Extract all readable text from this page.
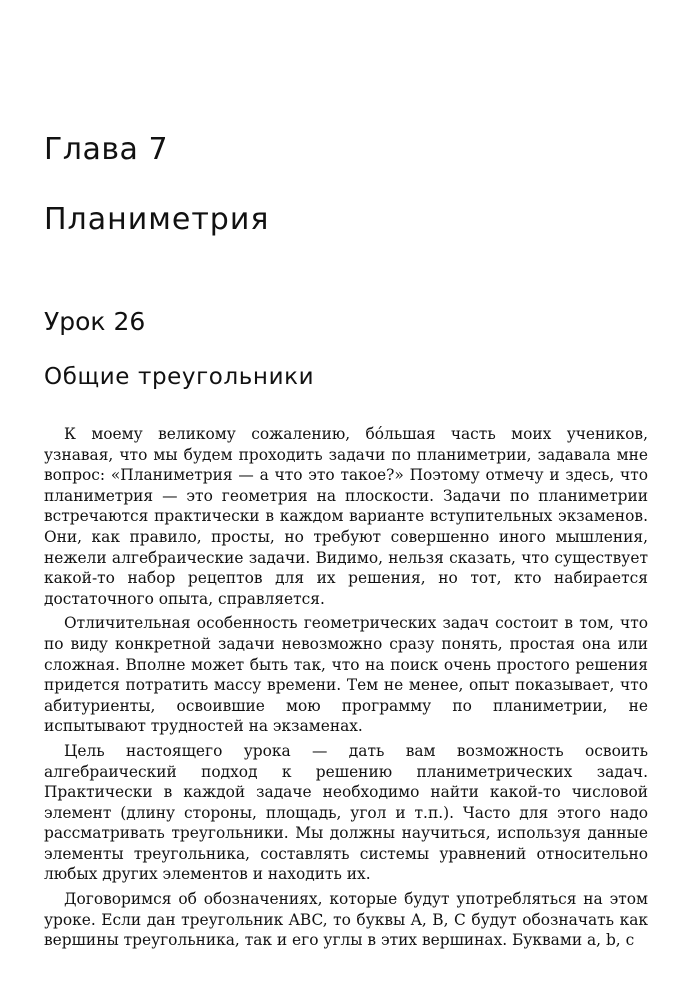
Глава 7
Планиметрия
Урок 26
Общие треугольники

К моему великому сожалению, бóльшая часть моих учеников, узнавая, что мы будем проходить задачи по планиметрии, задавала мне вопрос: «Планиметрия — а что это такое?» Поэтому отмечу и здесь, что планиметрия — это геометрия на плоскости. Задачи по планиметрии встречаются практически в каждом варианте вступительных экзаменов. Они, как правило, просты, но требуют совершенно иного мышления, нежели алгебраические задачи. Видимо, нельзя сказать, что существует какой-то набор рецептов для их решения, но тот, кто набирается достаточного опыта, справляется.

Отличительная особенность геометрических задач состоит в том, что по виду конкретной задачи невозможно сразу понять, простая она или сложная. Вполне может быть так, что на поиск очень простого решения придется потратить массу времени. Тем не менее, опыт показывает, что абитуриенты, освоившие мою программу по планиметрии, не испытывают трудностей на экзаменах.

Цель настоящего урока — дать вам возможность освоить алгебраический подход к решению планиметрических задач. Практически в каждой задаче необходимо найти какой-то числовой элемент (длину стороны, площадь, угол и т.п.). Часто для этого надо рассматривать треугольники. Мы должны научиться, используя данные элементы треугольника, составлять системы уравнений относительно любых других элементов и находить их.

Договоримся об обозначениях, которые будут употребляться на этом уроке. Если дан треугольник ABC, то буквы A, B, C будут обозначать как вершины треугольника, так и его углы в этих вершинах. Буквами a, b, c
